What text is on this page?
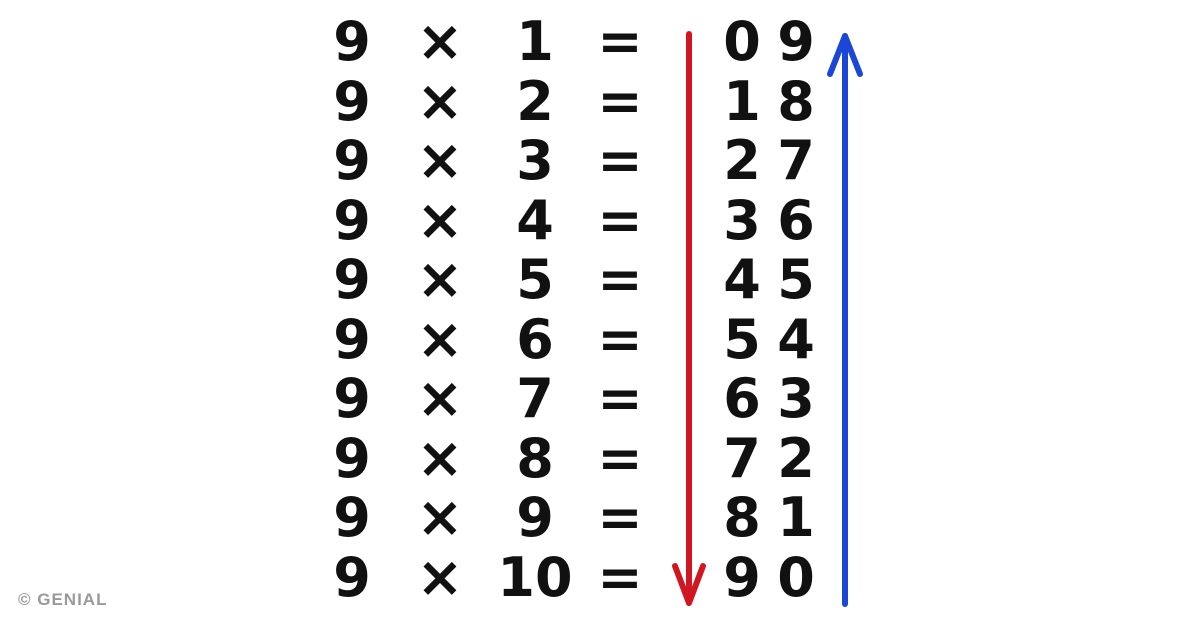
9 × 1 = 0 9
9 × 2 = 1 8
9 × 3 = 2 7
9 × 4 = 3 6
9 × 5 = 4 5
9 × 6 = 5 4
9 × 7 = 6 3
9 × 8 = 7 2
9 × 9 = 8 1
9 × 10 = 9 0
© GENIAL
